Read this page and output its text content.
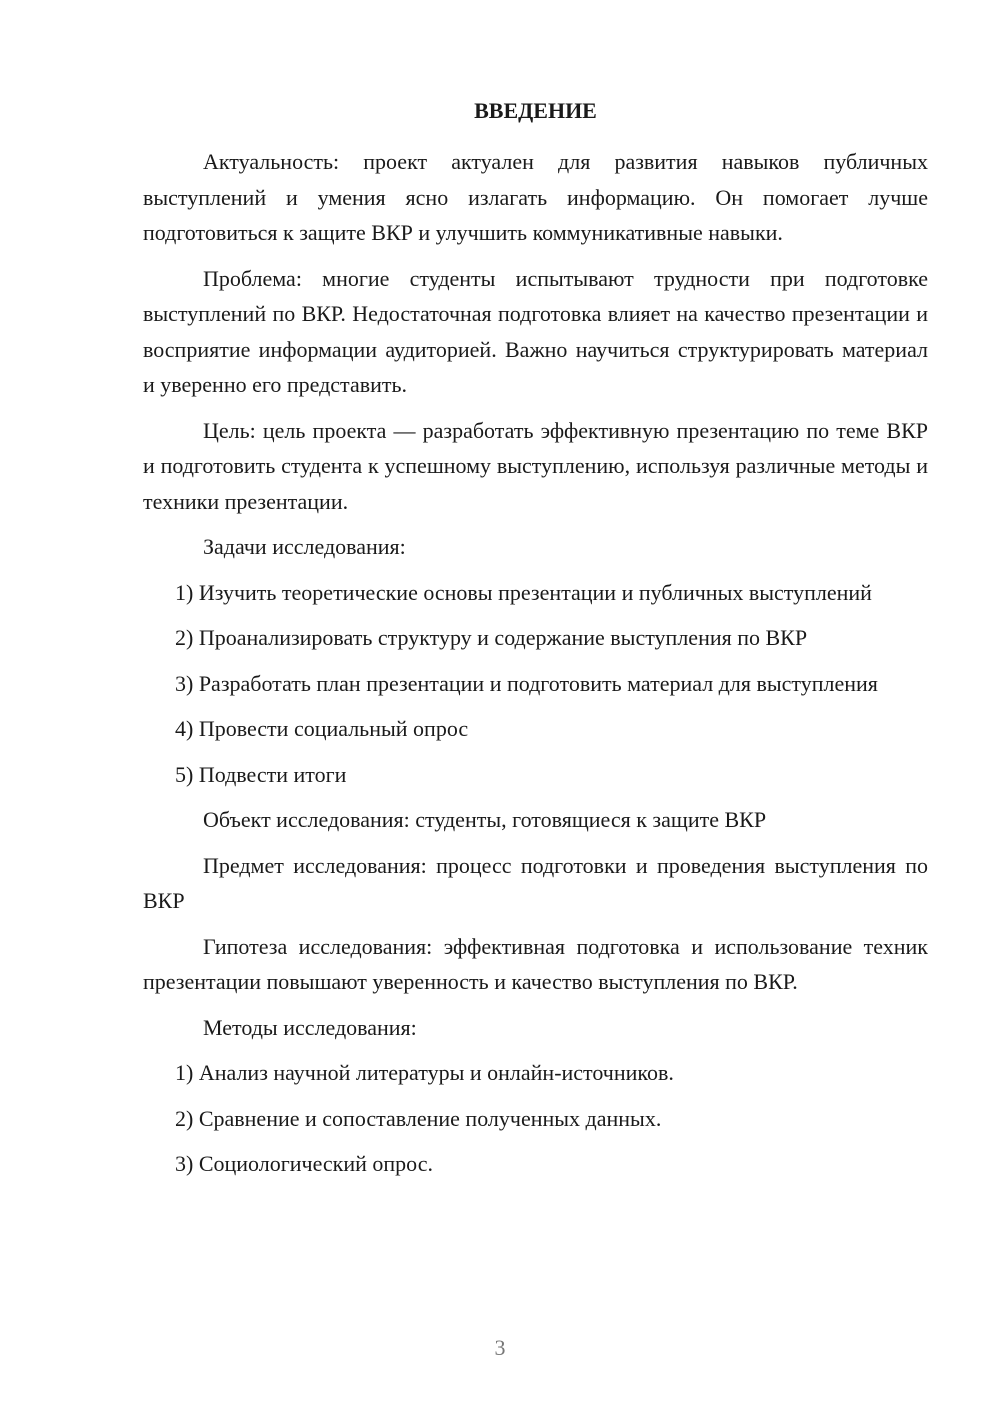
ВВЕДЕНИЕ

Актуальность: проект актуален для развития навыков публичных выступлений и умения ясно излагать информацию. Он помогает лучше подготовиться к защите ВКР и улучшить коммуникативные навыки.

Проблема: многие студенты испытывают трудности при подготовке выступлений по ВКР. Недостаточная подготовка влияет на качество презентации и восприятие информации аудиторией. Важно научиться структурировать материал и уверенно его представить.

Цель: цель проекта — разработать эффективную презентацию по теме ВКР и подготовить студента к успешному выступлению, используя различные методы и техники презентации.

Задачи исследования:

1) Изучить теоретические основы презентации и публичных выступлений

2) Проанализировать структуру и содержание выступления по ВКР

3) Разработать план презентации и подготовить материал для выступления

4) Провести социальный опрос

5) Подвести итоги

Объект исследования: студенты, готовящиеся к защите ВКР

Предмет исследования: процесс подготовки и проведения выступления по ВКР

Гипотеза исследования: эффективная подготовка и использование техник презентации повышают уверенность и качество выступления по ВКР.

Методы исследования:

1) Анализ научной литературы и онлайн-источников.

2) Сравнение и сопоставление полученных данных.

3) Социологический опрос.

3
